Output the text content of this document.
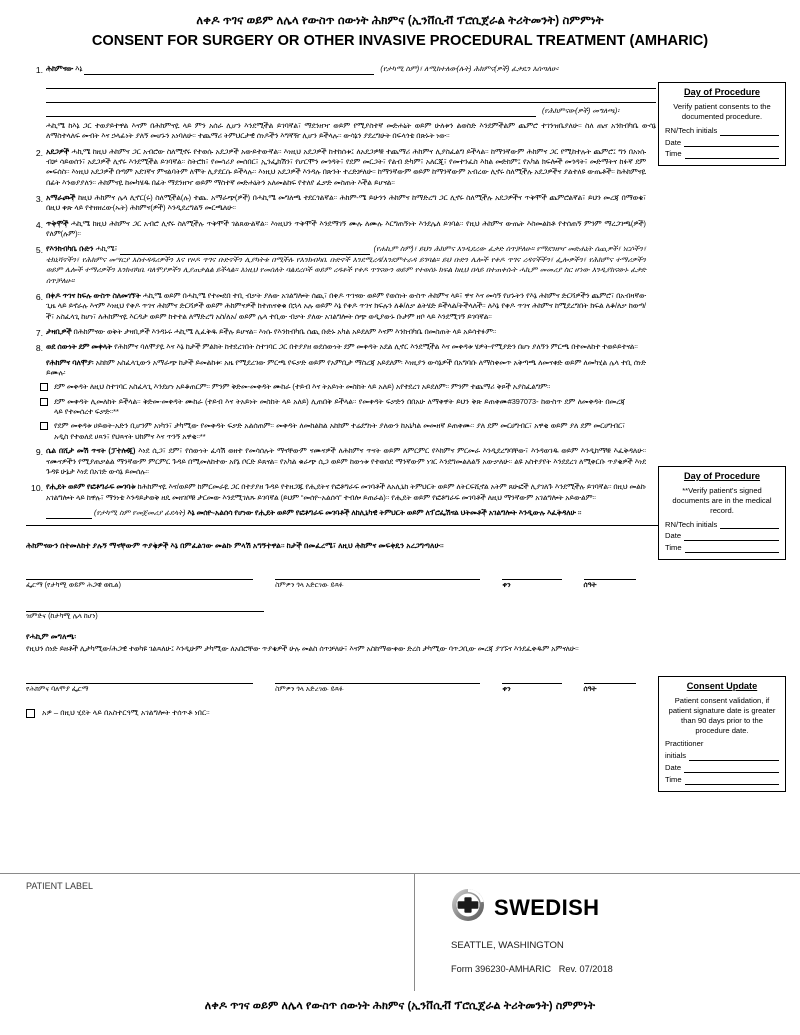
ለቀዶ ጥገና ወይም ለሌላ የውስጥ ሰውነት ሕክምና (ኢንቨሲቭ ፕሮሲጀራል ትሪትመንት) ስምምነት
CONSENT FOR SURGERY OR OTHER INVASIVE PROCEDURAL TREATMENT (AMHARIC)
Day of Procedure
Verify patient consents to the documented procedure.
RN/Tech initials
Date
Time
Day of Procedure
**Verify patient's signed documents are in the medical record.
RN/Tech initials
Date
Time
Consent Update
Patient consent validation, if patient signature date is greater than 90 days prior to the procedure date.
Practitioner
initials
Date
Time
1. ሕክምናው እኔ	(የታካሚ ስም)፣ ለሚከተለው(ሉት) ሕክምና(ዎች) ፈቃዴን እሰጣለሁ፡
(የሕክምናው(ዎች) መግለጫ)፡
ሓኪሜ ከእኔ ጋር ተወያይተዋል እናም በሕክምናዬ ላይ ምን አሰራ ሊሆን እንደሚችል ይገባኛል፣ ማደንዘዣ ወይም የሚያስተኛ መድሐኒት ወይም ሁለቱን ልወስድ እንደምችልም ጨምሮ ተገንዝቤያለሁ። ስለ ጤና አንክብካቤ ውሳኔ ለማስተላለፍ መብት እና ኃላፊነት ያለኝ መሆኑን አነባለሁ። ተጨማሪ ትምህርታዊ ሰነዶችን እግኛዥ ሊሆን ይችላሉ። ውሳኔን ያደረግሁት በፍላጎቴ በጽኑት ነው።
2. አደጋዎች ሓኪሜ ከዚህ ሕክምና ጋር አብሮው ስለሚኖሩ የተወሱ አደጋዎች አውይተውኛል። እነዚህ አደጋዎች ከተከሰቱ፤ ለአደጋዎቹ ተጨማሪ ሕክምና ሊያስፈልግ ይችላል። ከማንኛውም ሕክምና ጋር የሚከተሉት ጨምሮ፤ ግን በአነሱ ብቻ ሳይወሰን፣ አደጋዎች ሊኖሩ እንደሚችል ይገባኛል። ስትሮክ፣ የመሳሪያ መሰበር፣ ኢንፌክሽን፣ የሆርሞን መጎዳት፣ የደም መርጋት፣ የልብ ድካም፣ አለርጂ፣ የመተንፈስ እክል መድከም፤ የአካል ክፍሎች መጎዳት፣ መድማትና ከፉኛ ደም መፍሰስ። እነዚህ አደጋዎች በጣም አደገኛና ምናልባትም ለሞት ሊያደርሱ ይችላሉ። እነዚህ አደጋዎች እንዳሉ በጽንት ተረድቻለሁ። ከማንኛውም ወይም ከማንኛውም አብረው ሊኖሩ ስለሚችሉ አደጋዎችና ያልተለዩ ውጤቶች። ከሕክምናዬ በፊት እንወያያለን። ሕክምናዬ ከመካሄዱ በፊት ማደንዘዣ ወይም ማስተኛ መድሐኒትን አለመልከፍ የተለየ ፈቃድ መስጠት እችል ይሆናል።
3. አማራጮች ከዚህ ሕክምና ሌላ ሊኖር(ሩ) ስለሚችል(ሉ) ተጨ. አማራጭ(ዎች) በሓኪሜ መግለጫ ተደርጎልኛል። ሕክም-ሜ ይሁንን ሕክምና ከማድረግ ጋር ሊኖሩ ስለሚችሉ አደጋዎችና ጥቅሞች ጨምሮልኛል፣ ይህን መረጃ በማወቄ፣ በዚህ ቀጽ ላይ የተዘዘረው(ኡት) ሕክምና(ዎች) እንዲደረግልኝ መርጫለሁ።
4. ጥቅሞች ሓኪሜ ከዚህ ሕክምና ጋር አብሮ ሊኖሩ ስለሚችሉ ጥቅሞች ገልጸውልኛል። እነዚህን ጥቅሞች እንደማገኝ ሙሉ ለሙሉ እርግጠኝነት እንደሌለ ይገባል። የዚህ ሕክምና ውጤት እስመልከቶ የተሰጠኝ ምንም ማረጋገጫ(ዎች) የለም(ሉም)።
5. የእንክብካቤ ቡድን ሓኪሜ፣	(የሐኪም ስም)፣ ይህን ሕክምና እንዲደረው ፈቃድ ሰጥቻለሁ። የማደንዘዣ መድሐኒት ሰጪዎች፣ ነርሶችን፣ ቴክኒሻኖችን፣ የሕክምና መሣርያ እስተዳዳሪዎችን እና የዞዶ ጥገና ቡድኖችን ሊያካትቱ በሚችሉ የእንክብካቤ ቡድኖች እንደሚረዳ/እንደምተራዳ ይገባል። ይህ ቡድን ሌሎች የቀዶ ጥገና ረዳኖችችን፣ ፌሎዎችን፣ የሕክምና ተማሪዎችን ወይም ሌሎች ተማሪዎችን እንክብካቤ ባለሞያዎችን ሊያጠቃልል ይችላል። እነዚህ የመሰለት ባልደረቦች ወይም ረዳቶች የቀዶ ጥገናውን ወይም የተወሰኑ ክፍል ከዚህ በላይ በተጠቀሱት ሓኪም መመሪያ ስር ሆነው እንዲያከናውኑ ፈቃድ ሰጥቻለሁ።
6. በቀዶ ጥገና ከፍሉ ውስጥ ስለመገኘት ሓኪሜ ወይም በሓኪሜ የተመደበ ተቢ ብቃት ያለው አገልግሎት ሰጪ፣ በቀዶ ጥገናው ወይም የወሰነት ውስጥ ሕክምና ላይ፣ ዋና እና መሳኝ የሆኑትን የእኔ ሕክምና ድርሻዎችን ጨምሮ፣ በአብዛኛው ጊዜ ላይ ይኖራሉ እናም እነዚህ የቀዶ ጥገና ሕክምና ድርሻዎች ወይም ሕክምናዎች ከተጠናቀቁ በኋላ አሉ ወይም እኔ የቀዶ ጥገና ክፍሉን ለቆ/ለቃ ልትሄድ ይችላል/ትችላለች። ለእኔ የቀዶ ጥገና ሕክምና ከሚደረግበት ክፍል ለቆ/ለቃ ከወጣ/ች፣ አስፈላጊ ከሆነ፣ ለሕክምናዬ እርዳታ ወይም ከተተል ለማድረግ አስ/ለአ/ ወይም ሌላ ተቢው ብቃት ያለው አገልግሎት ሰጭ ወዲያውኑ ቡታም ዘቦ ላይ እንደሚገኝ ይገባኛል።
7. ታዛቢዎች በሕክምናው ወቅት ታዛቢዎች እንዳኑሩ ሓኪሜ ሊፈቅዱ ይችሉ ይሆናል። እነሱ የእንክብካቤ ሰጪ ቡድኑ አካል አይደለም እናም እንክብካቤ በመስጠት ላይ አይሳተፉም።
8. ወደ ሰውነት ደም መቀላት የሕክምና ባለሞያዬ እና እኔ ከታች ምልክት ከተደረገበት ስተገባር ጋር በተያያዘ ወደሰውነት ደም መቀዳት አደል ሊኖር እንደሚችል እና መቀዳቱ ሄዎት-የሚያድን በሆነ ያለኝን ምርጫ በተመለከተ ተወይይተናል።
የሕክምና ባለሞያ፡ አከክም አስፈላጊውን አማራጭ ከታች ይመልከቱ፡ አዜ የሚደረገው ምርጫ የፍቃድ ወይም የአምቢታ ማስረጃ አይደለም፡ እነዚያን ውሳኔዎች በአግባቡ ለማስቀመጥ አቅጣጫ ለመናቀድ ወይም ለመካሂል ሌላ ተቢ ሰነድ ይሙሉ፡
ደም መቀዳት ለዚህ ስተገባር አስፈላጊ እንደሆነ አይቆጠርም። ምንም ቅድመ-መቀዳት ሙከራ (ተይብ እና ትአይነት መስከት ላይ አለይ) አየተደረገ አይደለም። ምንም ተጨማሪ ቅጾች አያስፈልግም።
ደም መቀዳት ሊመለከት ይችላል። ቅድመ-መቀዳት ሙከራ (ተይብ እና ትአይነት መስከት ላይ አለይ) ሊጠበቅ ይችላል። የመቀዳት ፍቃድን በበአሁ ለማቀዋት ይህን ቅጽ ይጠቀሙ#397073- ከውስጥ ደም ለመቀዳት በመረጃ ላይ የተመሰረተ ፍቃድ።**
የደም መቀዳቱ ሀይወት-አድን ቢሆንም አነካን፣ ታካሚው የመቀዳት ፍቃድ አልሰጠም። መቀዳት ለመከልከል አከክም ተሬደግነት ያለውን ከአኒካል መመዘኛ ይጠቀሙ። ያለ ደም መርሀግብር፣ አዋቂ ወይም ያለ ደም መርሀግብር፣ አዲስ የተወለደ ሀጻን፣ የህጻናት ህክምና እና ጥንኝ አዋቂ።**
9. ሴል በሺታ መሽ ጥናት (ፓተሎጂ) እነደ ሲጋ፣ ደም፣ የሰውነት ፈሳሽ ወዘተ የመሳሰሉት ማናቸውም ናሙናዎች ለሕክምና ጥናት ወይም ለምርምር የእክምና ምርመራ እንዲደረግባቸው፣ እንዳወገዱ ወይም እንዲከማቹ እፈቅዳለሁ። ናሙናዎችን የሚያጠቃልል ማንኛውም ምርምር ጉዳይ በሚመለከተው አየኔ ቦርድ ይጸናል። የአካል ቁራጭ ሲጋ ወይም ከውነቱ የተወሰደ ማንኛውም ነገር እንደግመልለልኝ አውቃለሁ። ልዩ አስተያየት እንደደረገ ለሚቀርቡ ጥያቄዎች እነደ ጉዳዩ ሁኔታ እነደ በአገድ ውሳኔ ይመሰሉ።
10. የሒደት ወይም የፎቶግራፍ መገባቱ ከሕክምናዬ እና/ወይም ከምርመራዬ ጋር በተያያዘ ጉዳይ የተዘጋጁ የሒደትና የፎቶግራፍ መገባቶች ለአሊኒከ ትምህርት ወይም ለትርፍሺኖል አትም ጸሁፎች ሊያገለጉ እንደሚችሉ ይገባኛል። በዚህ መልኩ አገልግሎት ላይ ከዋሉ፣ ማንነቴ እንዳይታወቅ ዘዴ መዘገቦቹ ታርመው እንደሚገለጹ ይገባኛል (ይህም “መሰዮ-አልሰሳ” ተብሎ ይጠራል)። የሒደት ወይም የፎቶግራፍ መገባቶች ለዚህ ማንኛውም አገልግሎት አይውልም።
(የታካሚ ስም የመጀመሪያ ፊደላት) እኔ መሰዮ-አልሰሳ የሆነው የሒደት ወይም የፎቶግራፍ መገባቶች ለከሊኒካዊ ትምህርት ወይም ለፕሮፌሽናል ህትመቶች አገልግሎት እንዲውሉ እፈቅዳለሁ ።
ሕክምናውን በተመለከተ ያሉኝ ማናቸውም ጥያቄዎች እኔ በምፈልገው መልኩ ምላሽ አግኝተዋል። ከታች በመፈረሜ፣ ለዚህ ሕክምና መፍቀዴን አረጋግጣለሁ።
ፌርማ (የታካሚ ወይም ሕጋዊ ወኪል)	ስምዎን ጎላ አድርገው ይጻፉ	ቀን	ሰዓት
ዝምድና (ከታካሚ ሌላ ከሆነ)
የሓኪም መግለጫ፡
የዚህን ሰነድ ይዘቶች ሊታካሚው/ሕጋዊ ተወካዩ ገልጻለሁ፤ እንዲሁም ታካሚው ለአበሮቸው ጥያቄዎች ሁሉ መልስ ሰጥቻለሁ፣ እናም አስከማውቀው ድረስ ታካሚው ባጥጋቢው መረጃ ያገኙና እንደፈቀዱም አምናለሁ።
የሕክምና ባለሞያ ፌርማ	ስምዎን ጎላ አድረገው ይጻፉ	ቀን	ሰዓት
አዎ – በዚህ ሂደት ላይ በአስተርጓሚ አገልግሎት ተሰጥቶ ነበር።
PATIENT LABEL
SWEDISH
SEATTLE, WASHINGTON
Form 396230-AMHARIC Rev. 07/2018
ለቀዶ ጥገና ወይም ለሌላ የውስጥ ሰውነት ሕክምና (ኢንቨሲቭ ፕሮሲጀራል ትሪትመንት) ስምምነት
